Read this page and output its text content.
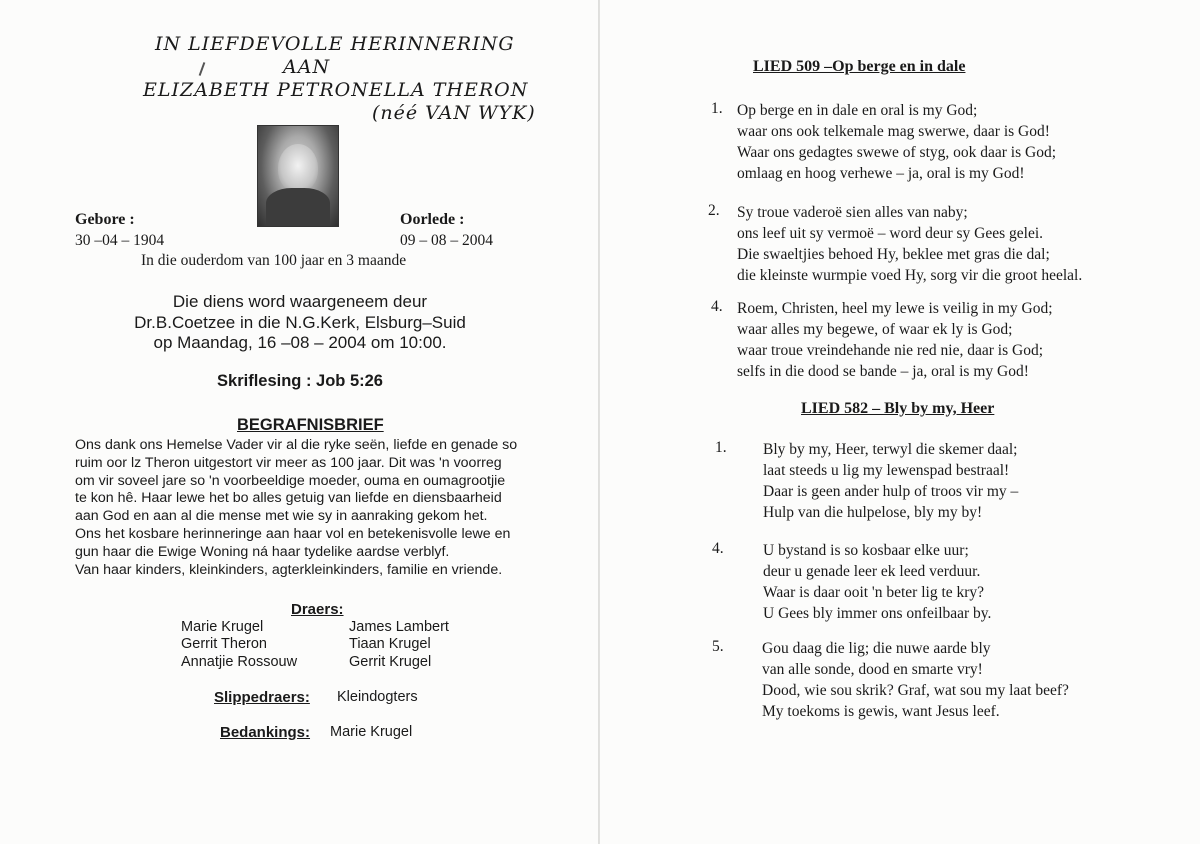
IN LIEFDEVOLLE HERINNERING
AAN
ELIZABETH PETRONELLA THERON
(néé VAN WYK)
Gebore :
30 –04 – 1904
Oorlede :
09 – 08 – 2004
In die ouderdom van 100 jaar en 3 maande
Die diens word waargeneem deur
Dr.B.Coetzee in die N.G.Kerk, Elsburg–Suid
op Maandag, 16 –08 – 2004 om 10:00.
Skriflesing : Job 5:26
BEGRAFNISBRIEF
Ons dank ons Hemelse Vader vir al die ryke seën, liefde en genade so
ruim oor lz Theron uitgestort vir meer as 100 jaar. Dit was 'n voorreg
om vir soveel jare so 'n voorbeeldige moeder, ouma en oumagrootjie
te kon hê. Haar lewe het bo alles getuig van liefde en diensbaarheid
aan God en aan al die mense met wie sy in aanraking gekom het.
Ons het kosbare herinneringe aan haar vol en betekenisvolle lewe en
gun haar die Ewige Woning ná haar tydelike aardse verblyf.
Van haar kinders, kleinkinders, agterkleinkinders, familie en vriende.
Draers:
Marie Krugel
Gerrit Theron
Annatjie Rossouw
James Lambert
Tiaan Krugel
Gerrit Krugel
Slippedraers: Kleindogters
Bedankings: Marie Krugel
LIED 509 –Op berge en in dale
1. Op berge en in dale en oral is my God;
waar ons ook telkemale mag swerwe, daar is God!
Waar ons gedagtes swewe of styg, ook daar is God;
omlaag en hoog verhewe – ja, oral is my God!
2. Sy troue vaderoë sien alles van naby;
ons leef uit sy vermoë – word deur sy Gees gelei.
Die swaeltjies behoed Hy, beklee met gras die dal;
die kleinste wurmpie voed Hy, sorg vir die groot heelal.
4. Roem, Christen, heel my lewe is veilig in my God;
waar alles my begewe, of waar ek ly is God;
waar troue vreindehande nie red nie, daar is God;
selfs in die dood se bande – ja, oral is my God!
LIED 582 – Bly by my, Heer
1. Bly by my, Heer, terwyl die skemer daal;
laat steeds u lig my lewenspad bestraal!
Daar is geen ander hulp of troos vir my –
Hulp van die hulpelose, bly my by!
4.	U bystand is so kosbaar elke uur;
deur u genade leer ek leed verduur.
Waar is daar ooit 'n beter lig te kry?
U Gees bly immer ons onfeilbaar by.
5. Gou daag die lig; die nuwe aarde bly
van alle sonde, dood en smarte vry!
Dood, wie sou skrik? Graf, wat sou my laat beef?
My toekoms is gewis, want Jesus leef.
